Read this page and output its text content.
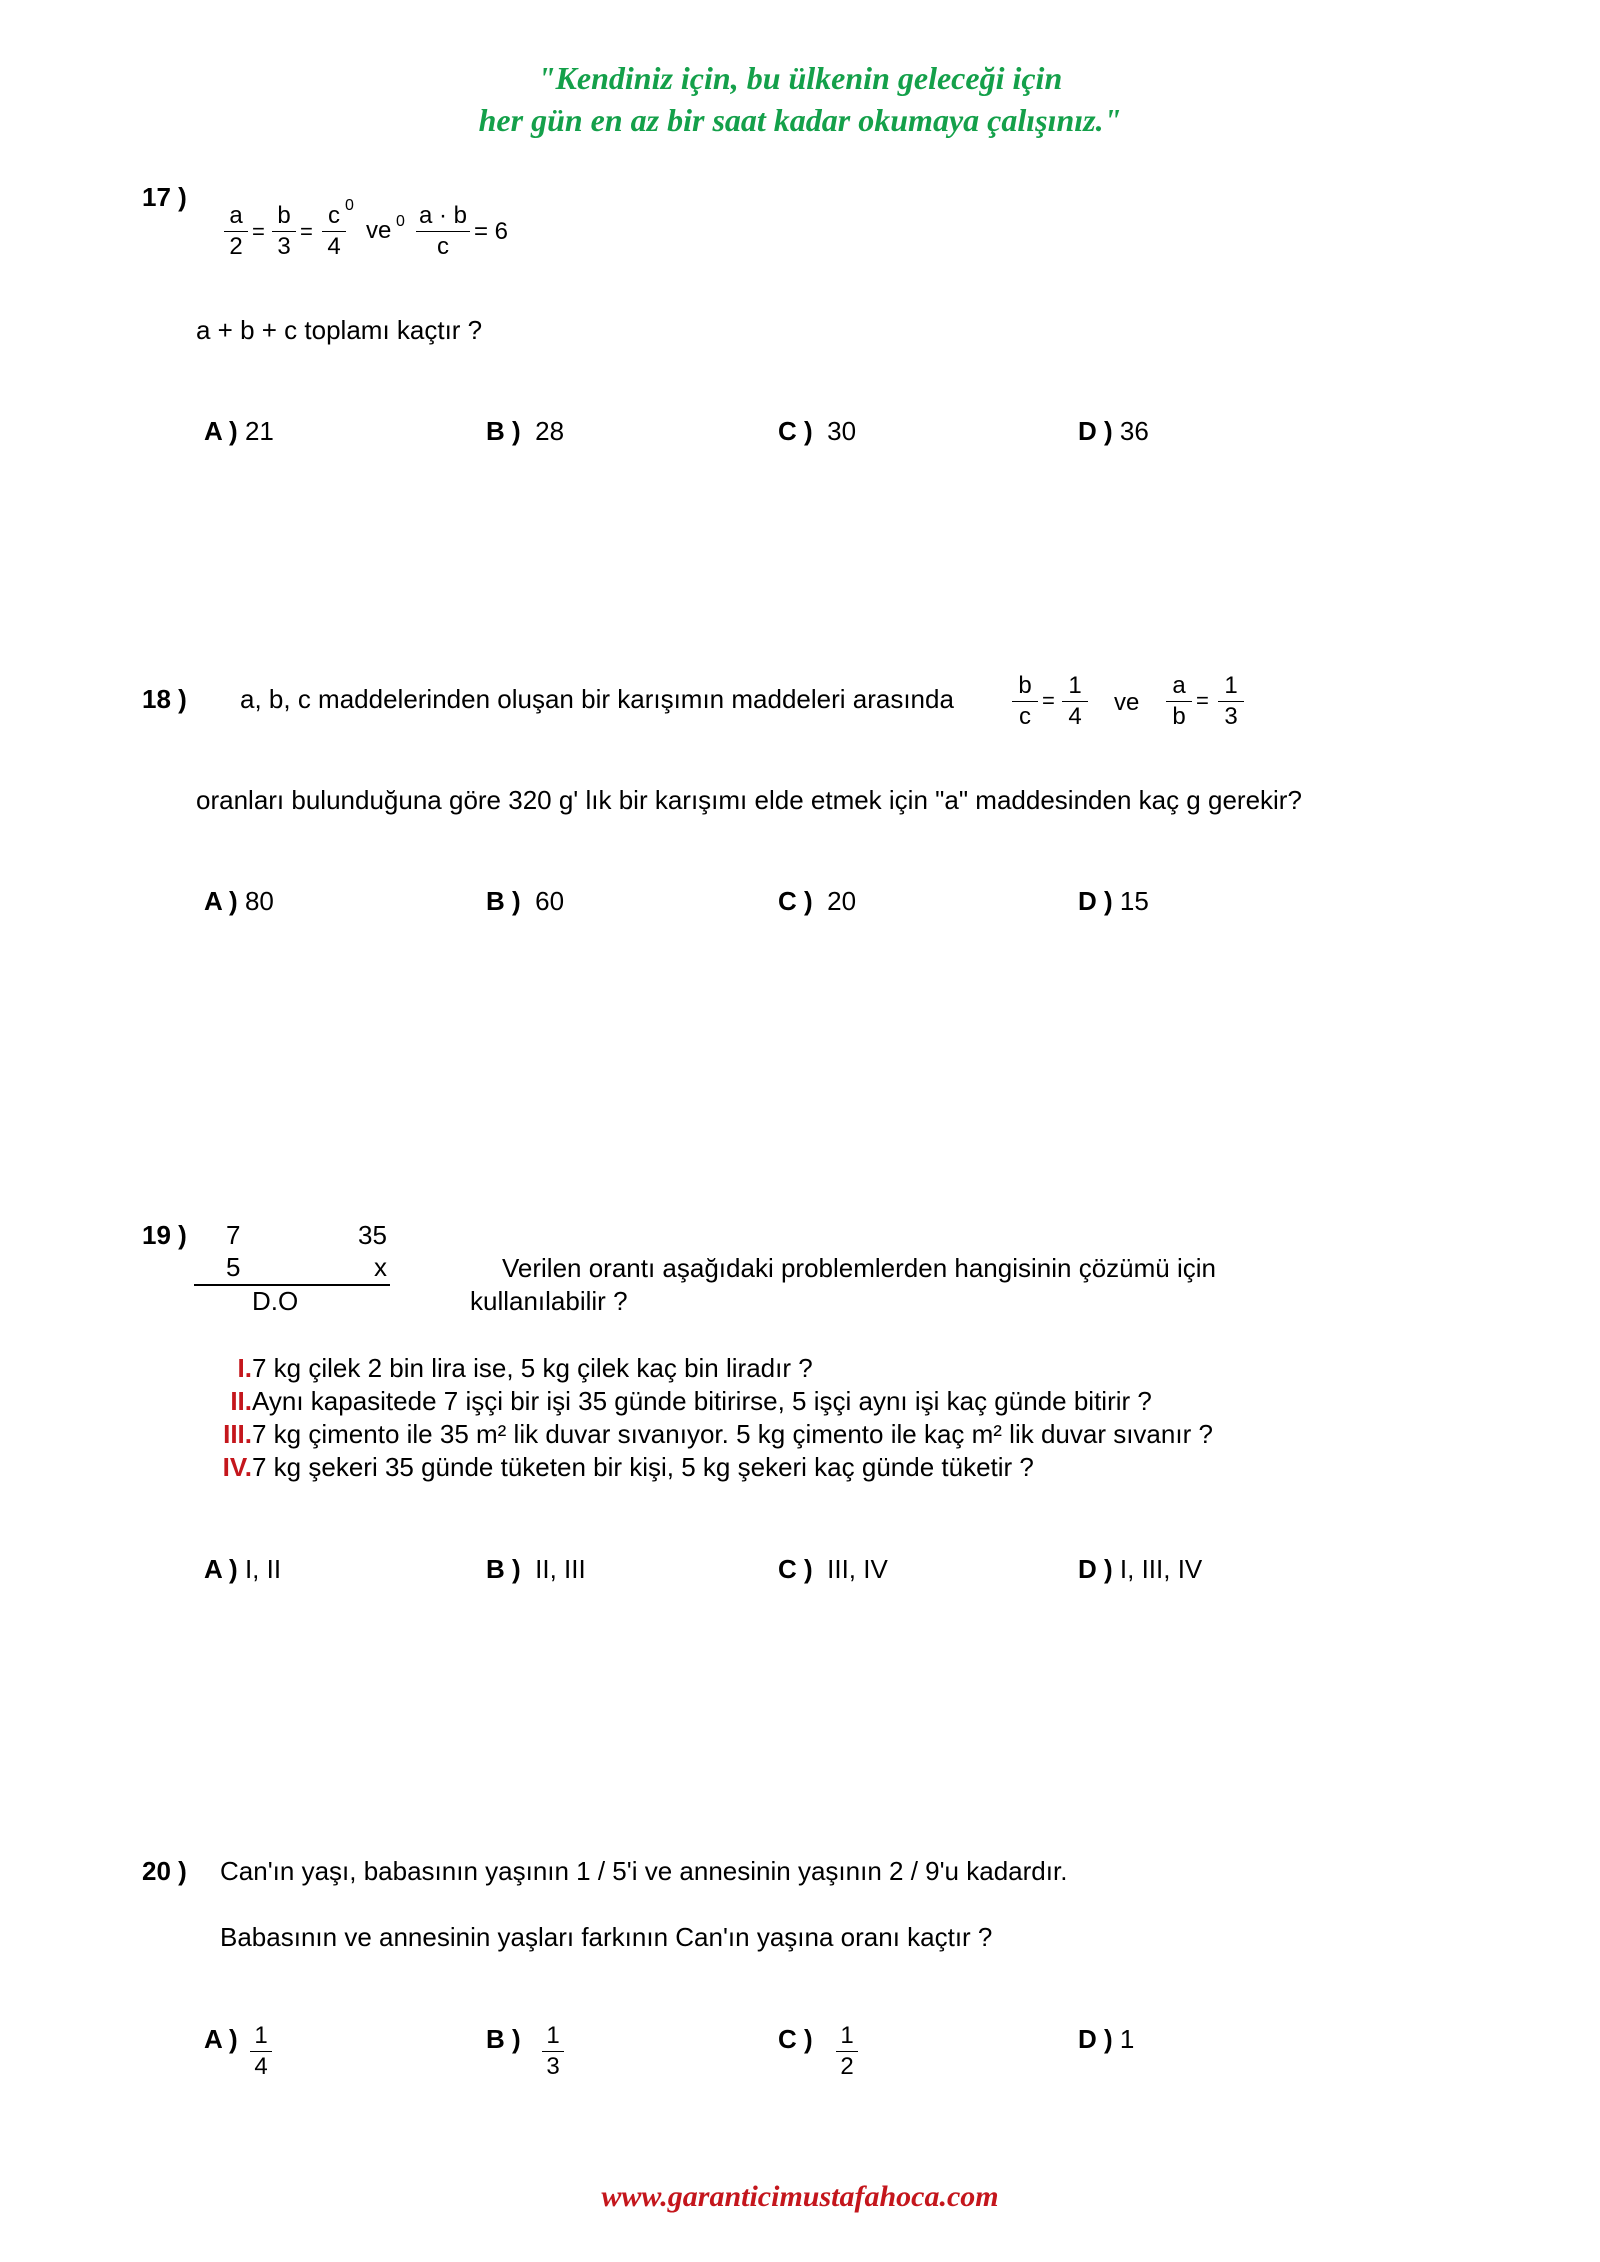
"Kendiniz için, bu ülkenin geleceği için
her gün en az bir saat kadar okumaya çalışınız."
17 )
a
2
=
b
3
=
c
4
0
ve 0 a · b
c
= 6
a + b + c toplamı kaçtır ?
A ) 21	B ) 28	C ) 30	D ) 36
18 ) a, b, c maddelerinden oluşan bir karışımın maddeleri arasında	b
c
=
1
4
ve
a
b
=
1
3
oranları bulunduğuna göre 320 g' lık bir karışımı elde etmek için "a" maddesinden kaç g gerekir?
A ) 80	B ) 60	C ) 20	D ) 15
19 ) 7	35
5	x
D.O
Verilen orantı aşağıdaki problemlerden hangisinin çözümü için
kullanılabilir ?
I. 7 kg çilek 2 bin lira ise, 5 kg çilek kaç bin liradır ?
II. Aynı kapasitede 7 işçi bir işi 35 günde bitirirse, 5 işçi aynı işi kaç günde bitirir ?
III. 7 kg çimento ile 35 m² lik duvar sıvanıyor. 5 kg çimento ile kaç m² lik duvar sıvanır ?
IV. 7 kg şekeri 35 günde tüketen bir kişi, 5 kg şekeri kaç günde tüketir ?
A ) I, II	B ) II, III	C ) III, IV	D ) I, III, IV
20 ) Can'ın yaşı, babasının yaşının 1 / 5'i ve annesinin yaşının 2 / 9'u kadardır.
Babasının ve annesinin yaşları farkının Can'ın yaşına oranı kaçtır ?
A ) 1
4
B ) 1
3
C ) 1
2
D ) 1
www.garanticimustafahoca.com
